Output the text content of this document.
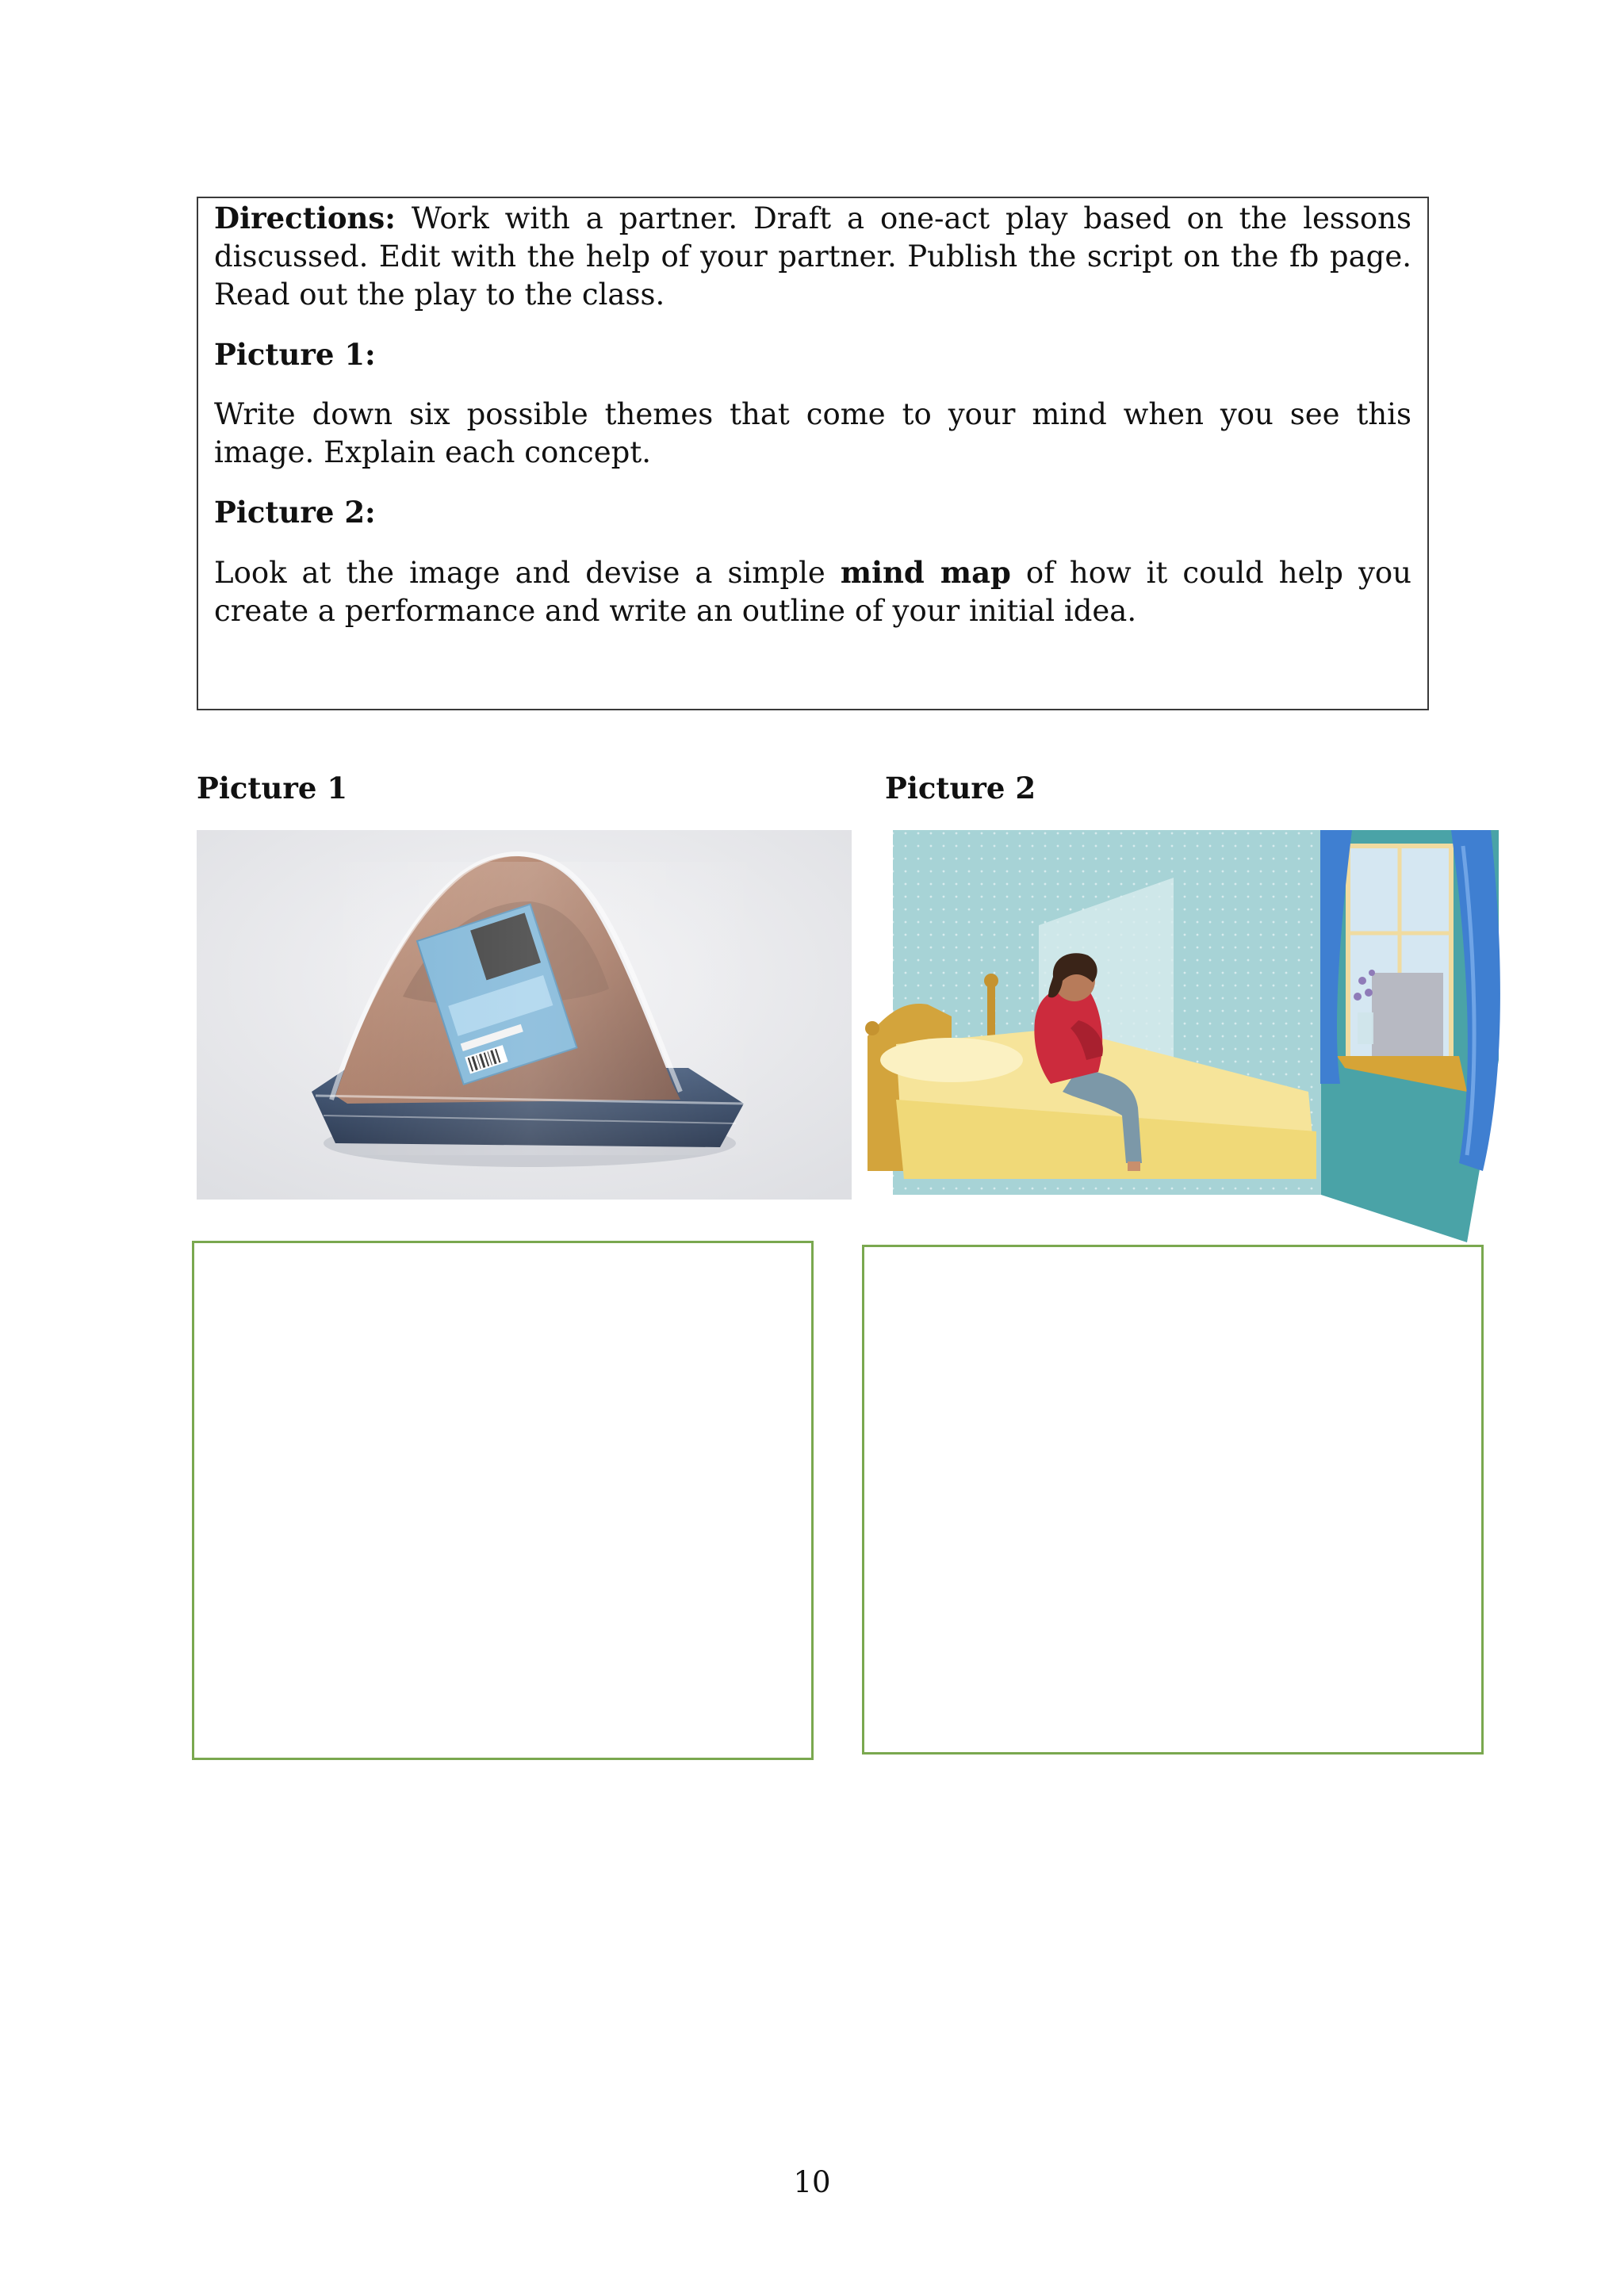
Directions: Work with a partner. Draft a one-act play based on the lessons discussed. Edit with the help of your partner. Publish the script on the fb page. Read out the play to the class.

Picture 1:

Write down six possible themes that come to your mind when you see this image. Explain each concept.

Picture 2:

Look at the image and devise a simple mind map of how it could help you create a performance and write an outline of your initial idea.

Picture 1	Picture 2
10
